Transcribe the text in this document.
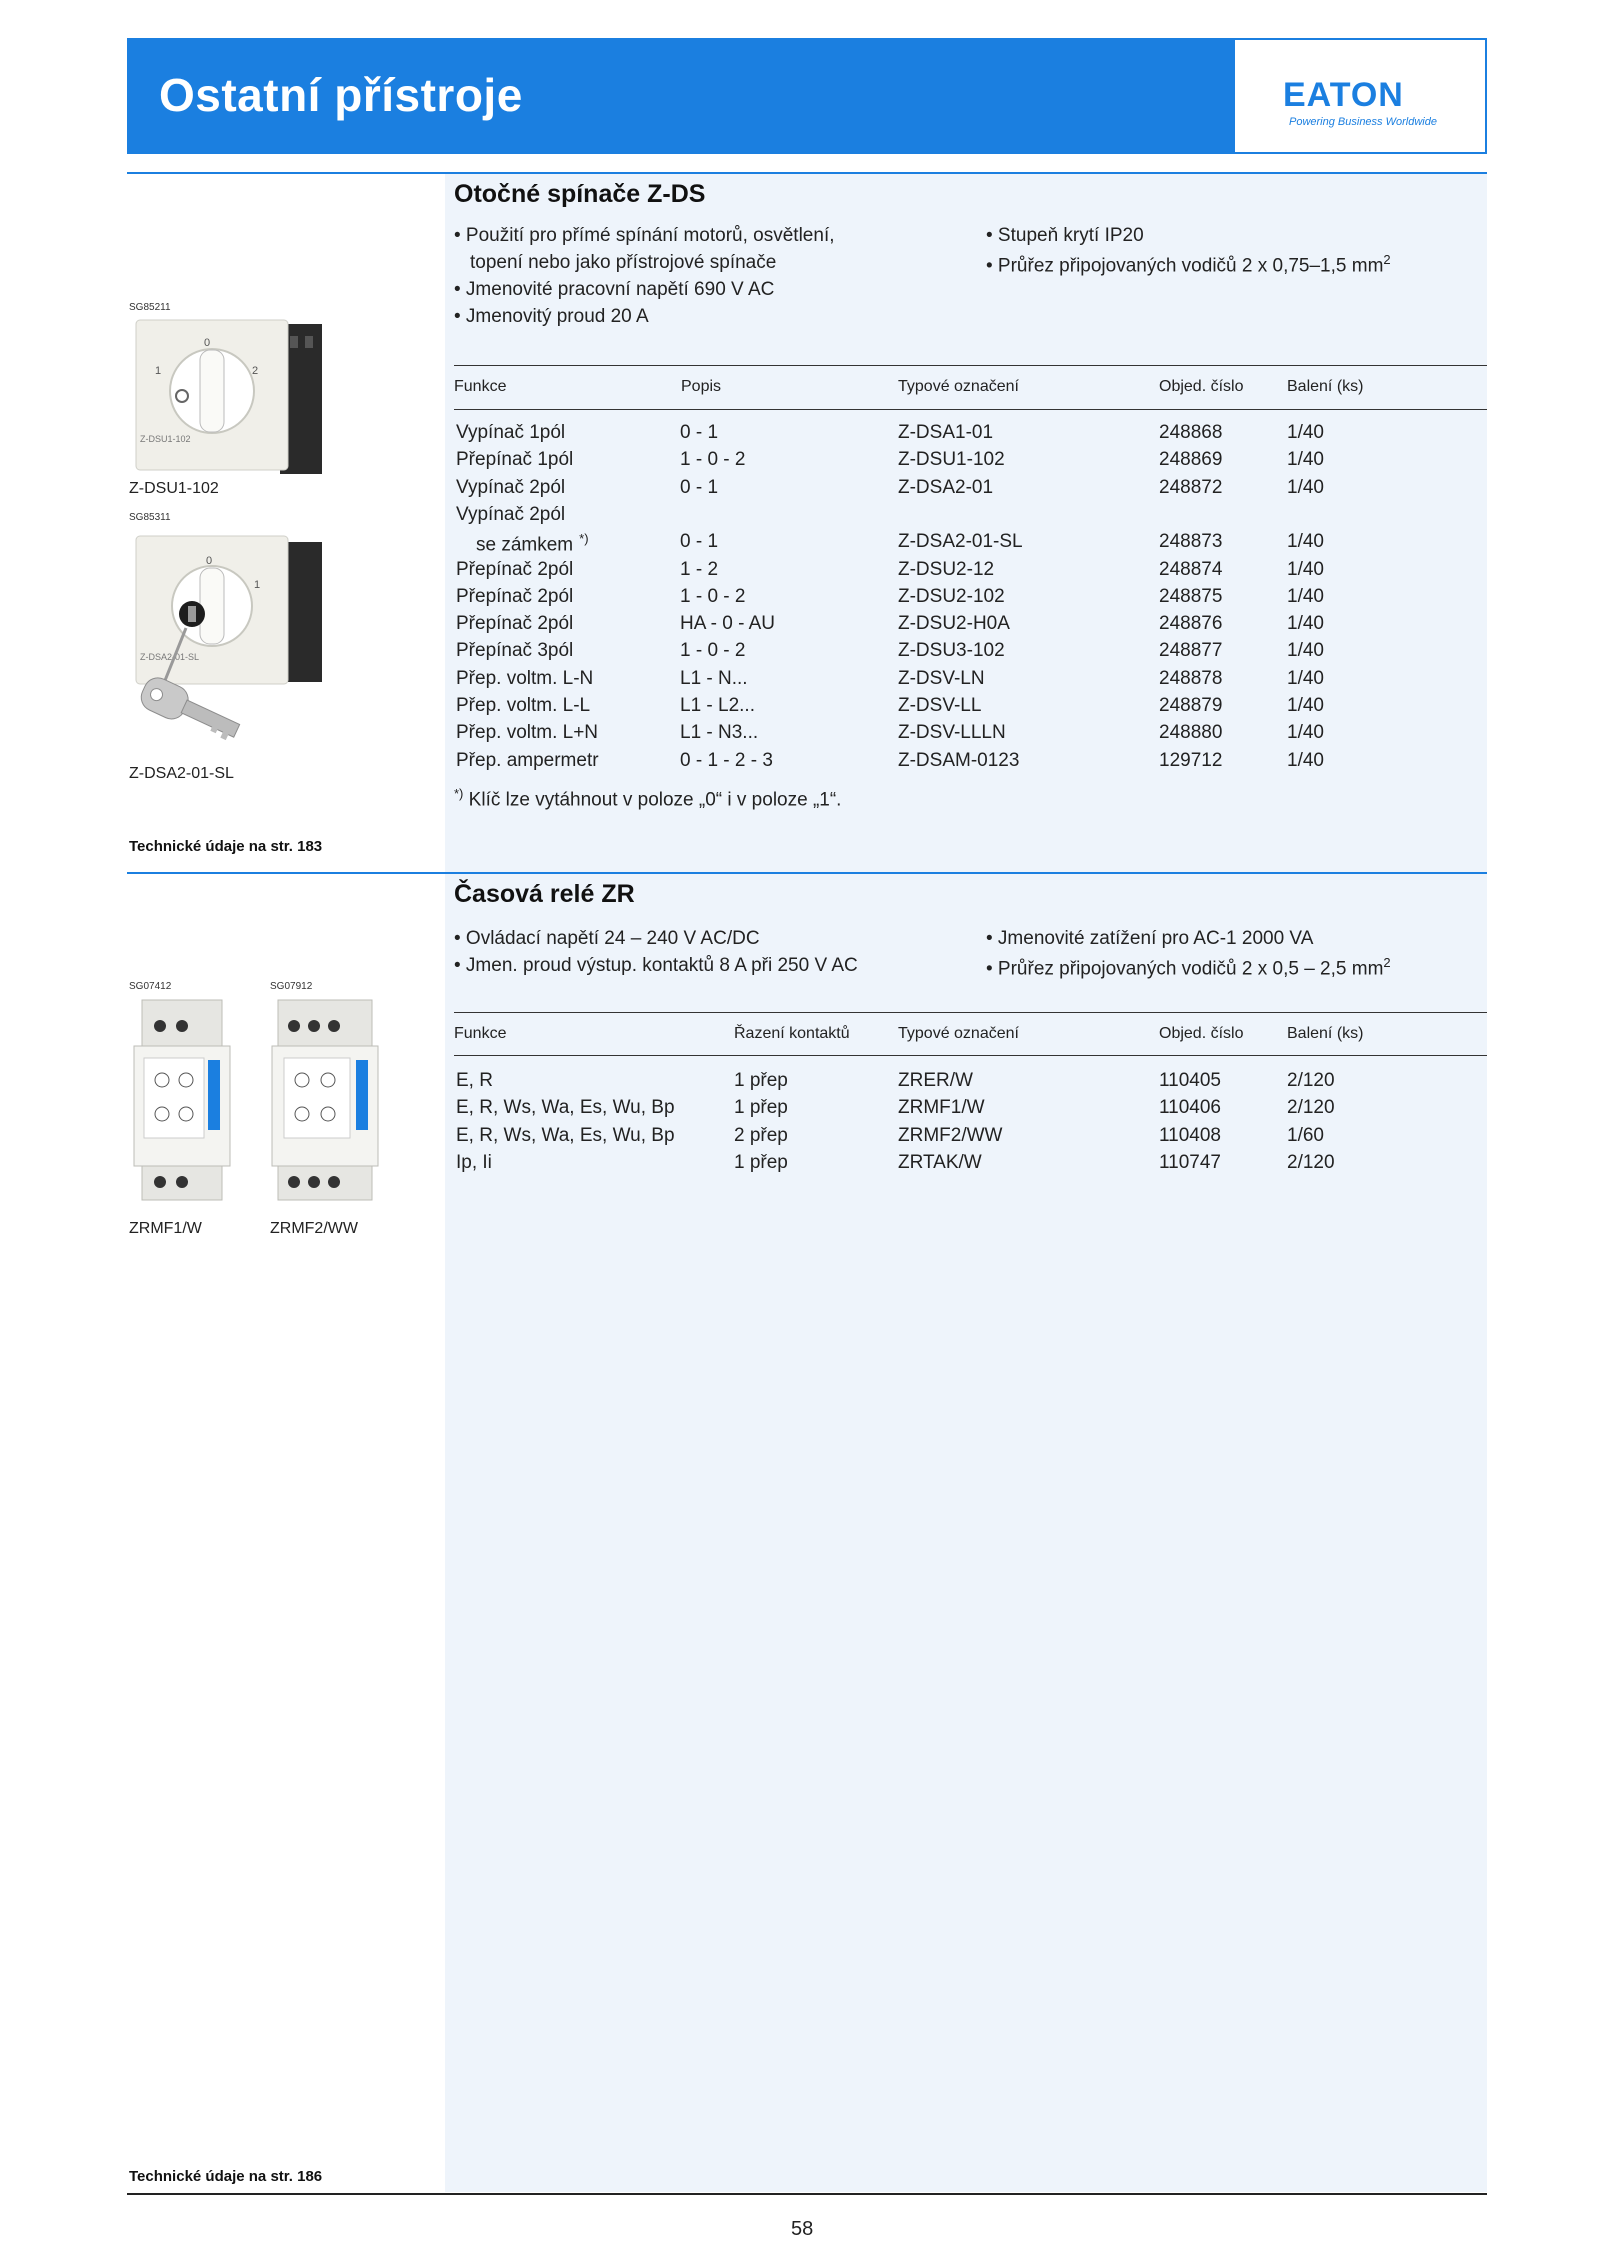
Ostatní přístroje	EATON
Powering Business Worldwide
Otočné spínače Z-DS
• Použití pro přímé spínání motorů, osvětlení,
topení nebo jako přístrojové spínače
• Jmenovité pracovní napětí 690 V AC
• Jmenovitý proud 20 A
• Stupeň krytí IP20
• Průřez připojovaných vodičů 2 x 0,75–1,5 $mm^2$
Funkce	Popis	Typové označení	Objed. číslo	Balení (ks)
Vypínač 1pól	0 - 1	Z-DSA1-01	248868	1/40
Přepínač 1pól	1 - 0 - 2	Z-DSU1-102	248869	1/40
Vypínač 2pól	0 - 1	Z-DSA2-01	248872	1/40
Vypínač 2pól
se zámkem *)	0 - 1	Z-DSA2-01-SL	248873	1/40
Přepínač 2pól	1 - 2	Z-DSU2-12	248874	1/40
Přepínač 2pól	1 - 0 - 2	Z-DSU2-102	248875	1/40
Přepínač 2pól	HA - 0 - AU	Z-DSU2-H0A	248876	1/40
Přepínač 3pól	1 - 0 - 2	Z-DSU3-102	248877	1/40
Přep. voltm. L-N	L1 - N...	Z-DSV-LN	248878	1/40
Přep. voltm. L-L	L1 - L2...	Z-DSV-LL	248879	1/40
Přep. voltm. L+N	L1 - N3...	Z-DSV-LLLN	248880	1/40
Přep. ampermetr	0 - 1 - 2 - 3	Z-DSAM-0123	129712	1/40
*) Klíč lze vytáhnout v poloze „0“ i v poloze „1“.
SG85211
0
1	2
Z-DSU1-102
Z-DSU1-102
SG85311
0
1
Z-DSA2-01-SL
Z-DSA2-01-SL
Technické údaje na str. 183
Časová relé ZR
• Ovládací napětí 24 – 240 V AC/DC
• Jmen. proud výstup. kontaktů 8 A při 250 V AC
• Jmenovité zatížení pro AC-1 2000 VA
• Průřez připojovaných vodičů 2 x 0,5 – 2,5 $mm^2$
Funkce	Řazení kontaktů	Typové označení	Objed. číslo	Balení (ks)
E, R	1 přep	ZRER/W	110405	2/120
E, R, Ws, Wa, Es, Wu, Bp	1 přep	ZRMF1/W	110406	2/120
E, R, Ws, Wa, Es, Wu, Bp	2 přep	ZRMF2/WW	110408	1/60
Ip, Ii	1 přep	ZRTAK/W	110747	2/120
SG07412	SG07912
ZRMF1/W	ZRMF2/WW
Technické údaje na str. 186
58
